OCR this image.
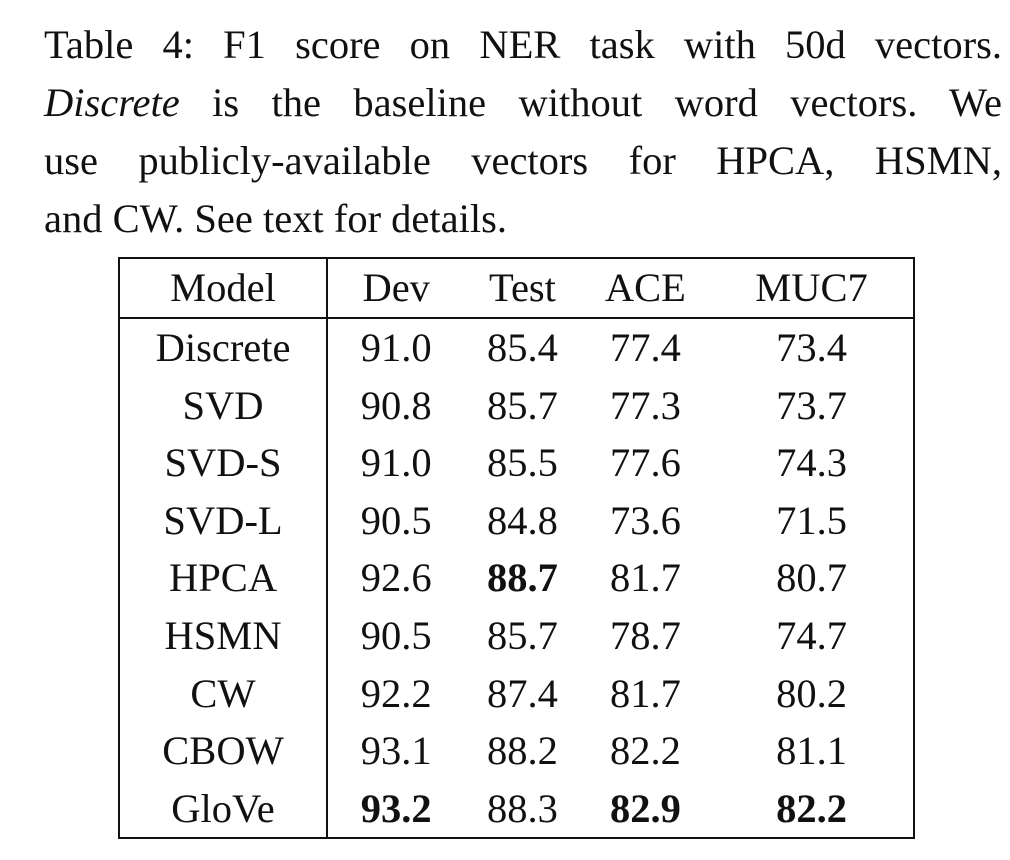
Table 4: F1 score on NER task with 50d vectors.
Discrete is the baseline without word vectors. We
use publicly-available vectors for HPCA, HSMN,
and CW. See text for details.
Model	Dev	Test	ACE	MUC7
Discrete	91.0	85.4	77.4	73.4
SVD	90.8	85.7	77.3	73.7
SVD-S	91.0	85.5	77.6	74.3
SVD-L	90.5	84.8	73.6	71.5
HPCA	92.6	88.7	81.7	80.7
HSMN	90.5	85.7	78.7	74.7
CW	92.2	87.4	81.7	80.2
CBOW	93.1	88.2	82.2	81.1
GloVe	93.2	88.3	82.9	82.2
